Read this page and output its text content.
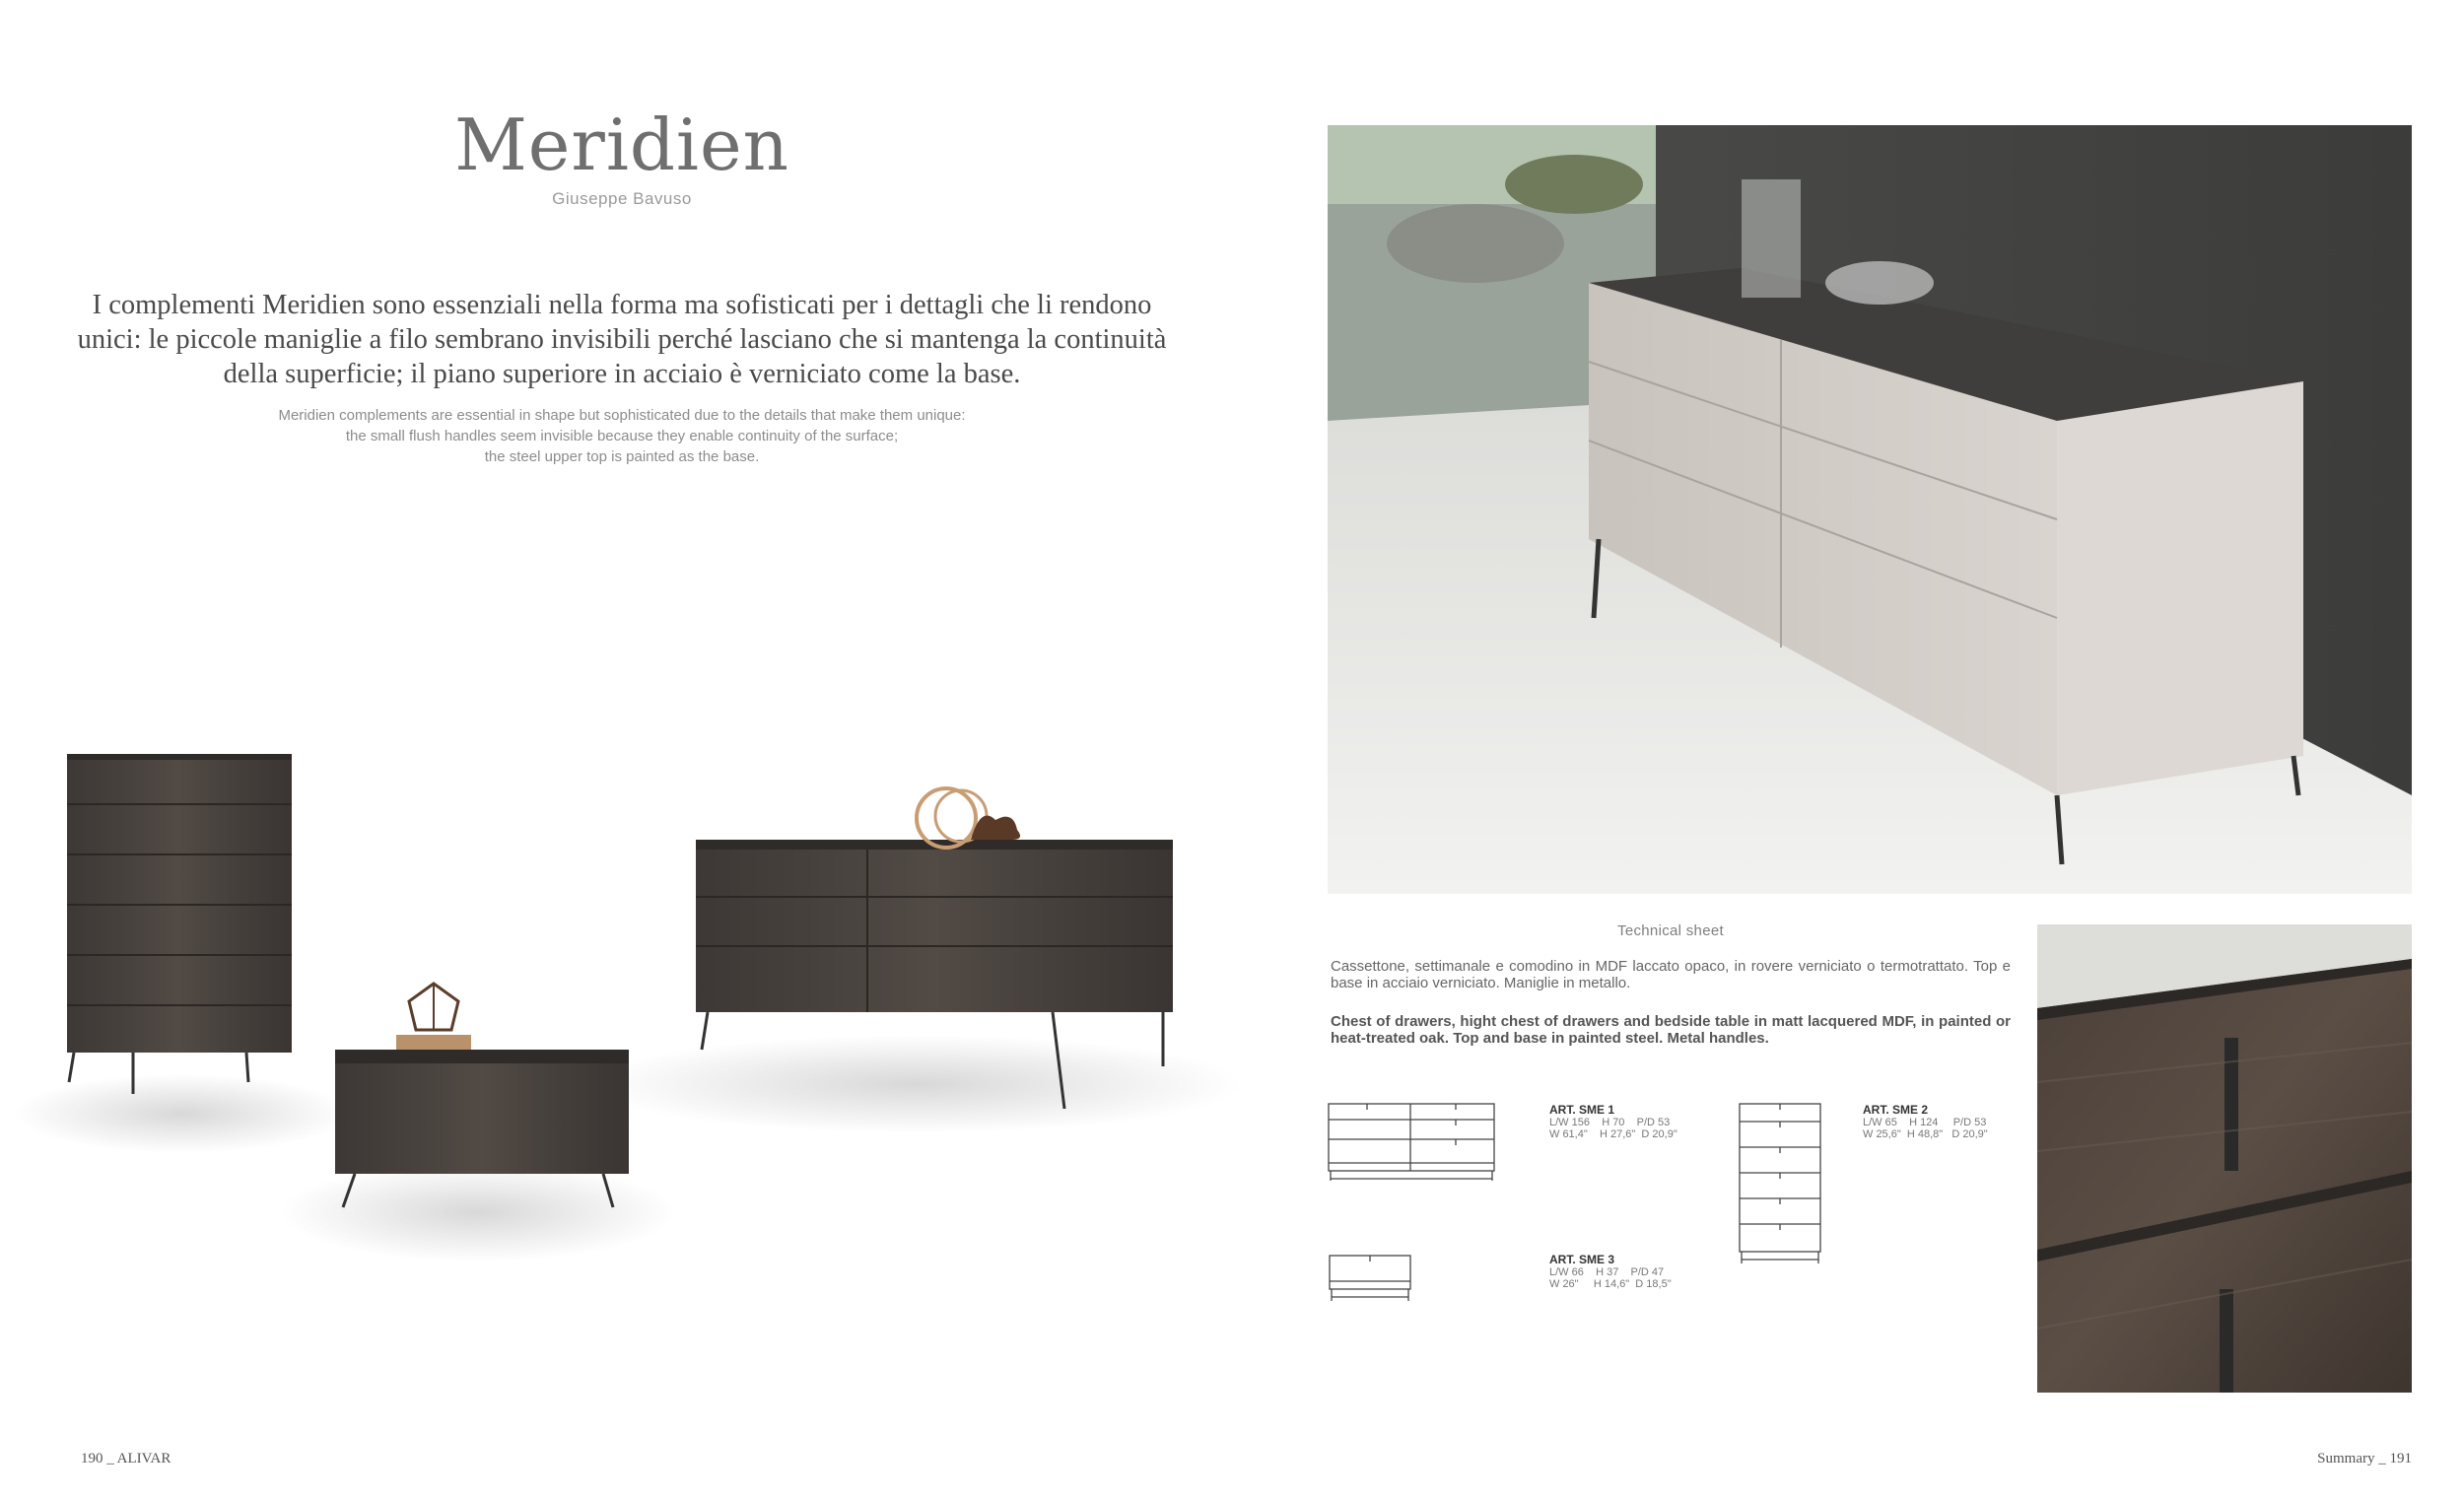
Meridien
Giuseppe Bavuso
I complementi Meridien sono essenziali nella forma ma sofisticati per i dettagli che li rendono unici: le piccole maniglie a filo sembrano invisibili perché lasciano che si mantenga la continuità della superficie; il piano superiore in acciaio è verniciato come la base.
Meridien complements are essential in shape but sophisticated due to the details that make them unique:
the small flush handles seem invisible because they enable continuity of the surface;
the steel upper top is painted as the base.
Technical sheet
Cassettone, settimanale e comodino in MDF laccato opaco, in rovere verniciato o termotrattato. Top e base in acciaio verniciato. Maniglie in metallo.
Chest of drawers, hight chest of drawers and bedside table in matt lacquered MDF, in painted or heat-treated oak. Top and base in painted steel. Metal handles.
ART. SME 1
L/W 156    H 70    P/D 53
W 61,4"    H 27,6"  D 20,9"
ART. SME 2
L/W 65    H 124     P/D 53
W 25,6"  H 48,8"   D 20,9"
ART. SME 3
L/W 66    H 37    P/D 47
W 26"     H 14,6"  D 18,5"
190 _ ALIVAR	Summary _ 191
